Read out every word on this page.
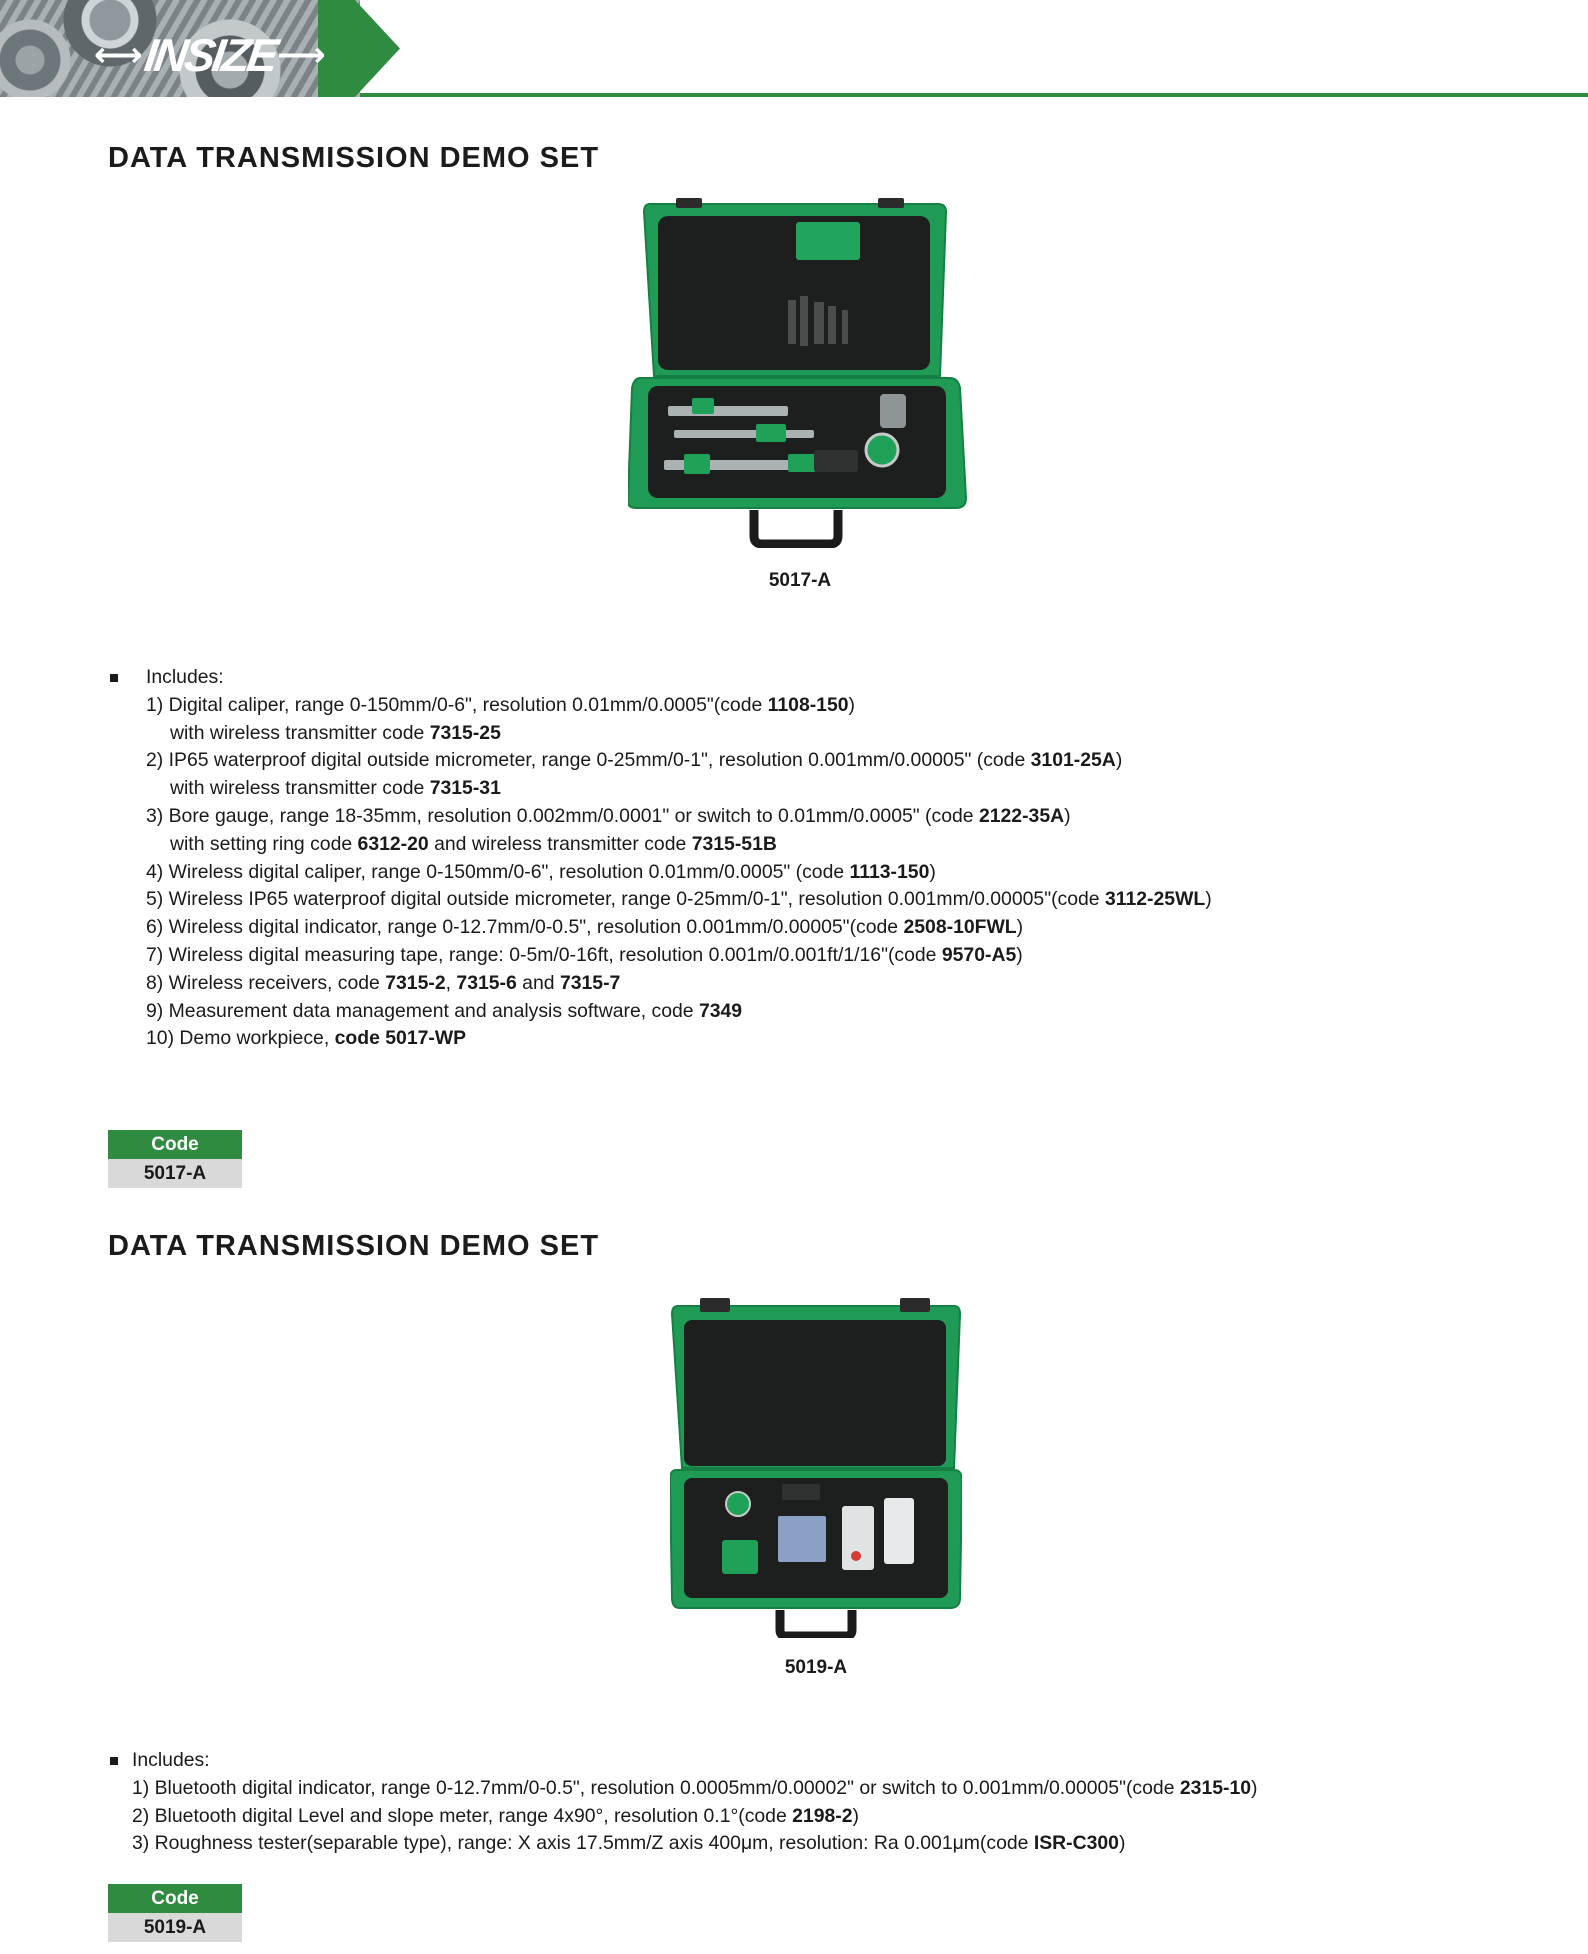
⟷
INSIZE
⟶
DATA TRANSMISSION DEMO SET
5017-A
Includes:
1) Digital caliper, range 0-150mm/0-6", resolution 0.01mm/0.0005"(code 1108-150)
with wireless transmitter code 7315-25
2) IP65 waterproof digital outside micrometer, range 0-25mm/0-1", resolution 0.001mm/0.00005" (code 3101-25A)
with wireless transmitter code 7315-31
3) Bore gauge, range 18-35mm, resolution 0.002mm/0.0001" or switch to 0.01mm/0.0005" (code 2122-35A)
with setting ring code 6312-20 and wireless transmitter code 7315-51B
4) Wireless digital caliper, range 0-150mm/0-6", resolution 0.01mm/0.0005" (code 1113-150)
5) Wireless IP65 waterproof digital outside micrometer, range 0-25mm/0-1", resolution 0.001mm/0.00005"(code 3112-25WL)
6) Wireless digital indicator, range 0-12.7mm/0-0.5", resolution 0.001mm/0.00005"(code 2508-10FWL)
7) Wireless digital measuring tape, range: 0-5m/0-16ft, resolution 0.001m/0.001ft/1/16"(code 9570-A5)
8) Wireless receivers, code 7315-2, 7315-6 and 7315-7
9) Measurement data management and analysis software, code 7349
10) Demo workpiece, code 5017-WP
Code
5017-A
DATA TRANSMISSION DEMO SET
5019-A
Includes:
1) Bluetooth digital indicator, range 0-12.7mm/0-0.5", resolution 0.0005mm/0.00002" or switch to 0.001mm/0.00005"(code 2315-10)
2) Bluetooth digital Level and slope meter, range 4x90°, resolution 0.1°(code 2198-2)
3) Roughness tester(separable type), range: X axis 17.5mm/Z axis 400μm, resolution: Ra 0.001μm(code ISR-C300)
Code
5019-A
